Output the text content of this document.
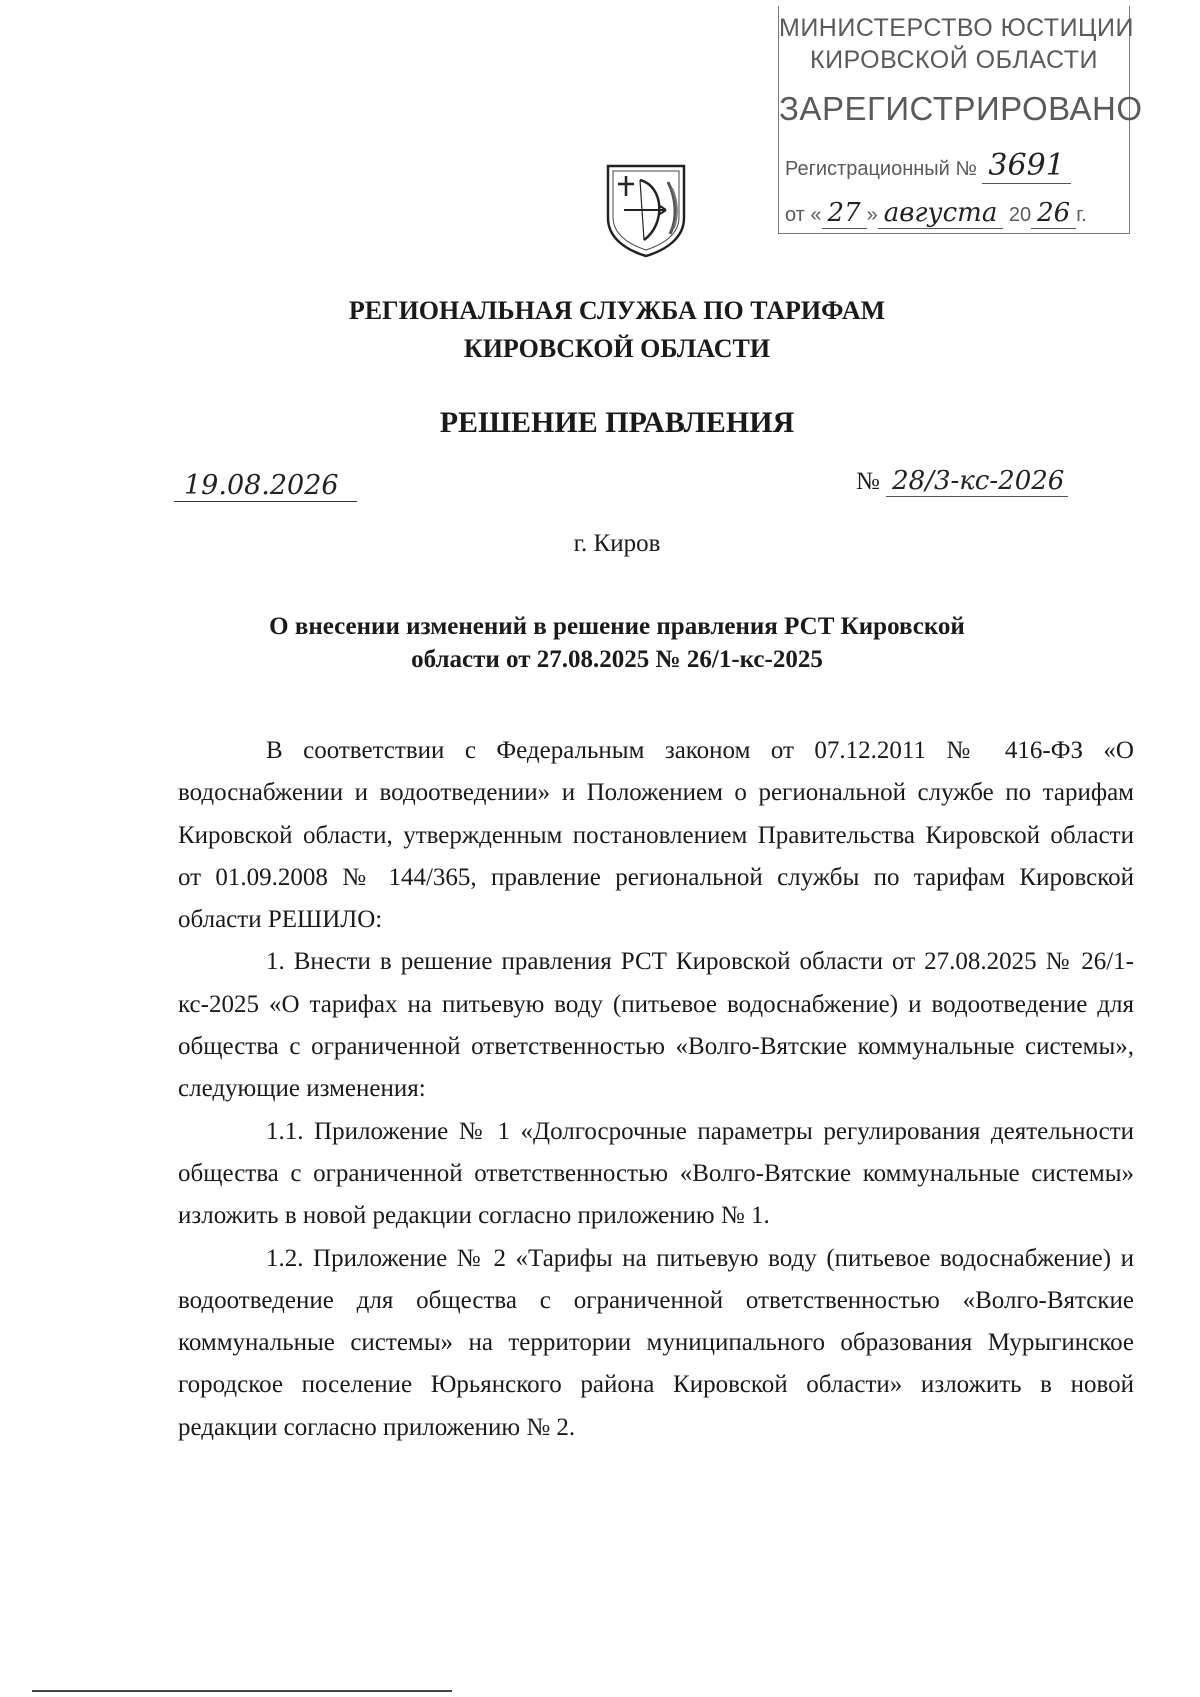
МИНИСТЕРСТВО ЮСТИЦИИ
КИРОВСКОЙ ОБЛАСТИ
ЗАРЕГИСТРИРОВАНО
Регистрационный № 3691
от « 27 » августа 20 26 г.
РЕГИОНАЛЬНАЯ СЛУЖБА ПО ТАРИФАМ
КИРОВСКОЙ ОБЛАСТИ
РЕШЕНИЕ ПРАВЛЕНИЯ
19.08.2026	№ 28/3-кс-2026
г. Киров
О внесении изменений в решение правления РСТ Кировской
области от 27.08.2025 № 26/1-кс-2025

В соответствии с Федеральным законом от 07.12.2011 № 416-ФЗ «О водоснабжении и водоотведении» и Положением о региональной службе по тарифам Кировской области, утвержденным постановлением Правительства Кировской области от 01.09.2008 № 144/365, правление региональной службы по тарифам Кировской области РЕШИЛО:

1. Внести в решение правления РСТ Кировской области от 27.08.2025 № 26/1-кс-2025 «О тарифах на питьевую воду (питьевое водоснабжение) и водоотведение для общества с ограниченной ответственностью «Волго-Вятские коммунальные системы», следующие изменения:

1.1. Приложение № 1 «Долгосрочные параметры регулирования деятельности общества с ограниченной ответственностью «Волго-Вятские коммунальные системы» изложить в новой редакции согласно приложению № 1.

1.2. Приложение № 2 «Тарифы на питьевую воду (питьевое водоснабжение) и водоотведение для общества с ограниченной ответственностью «Волго-Вятские коммунальные системы» на территории муниципального образования Мурыгинское городское поселение Юрьянского района Кировской области» изложить в новой редакции согласно приложению № 2.
